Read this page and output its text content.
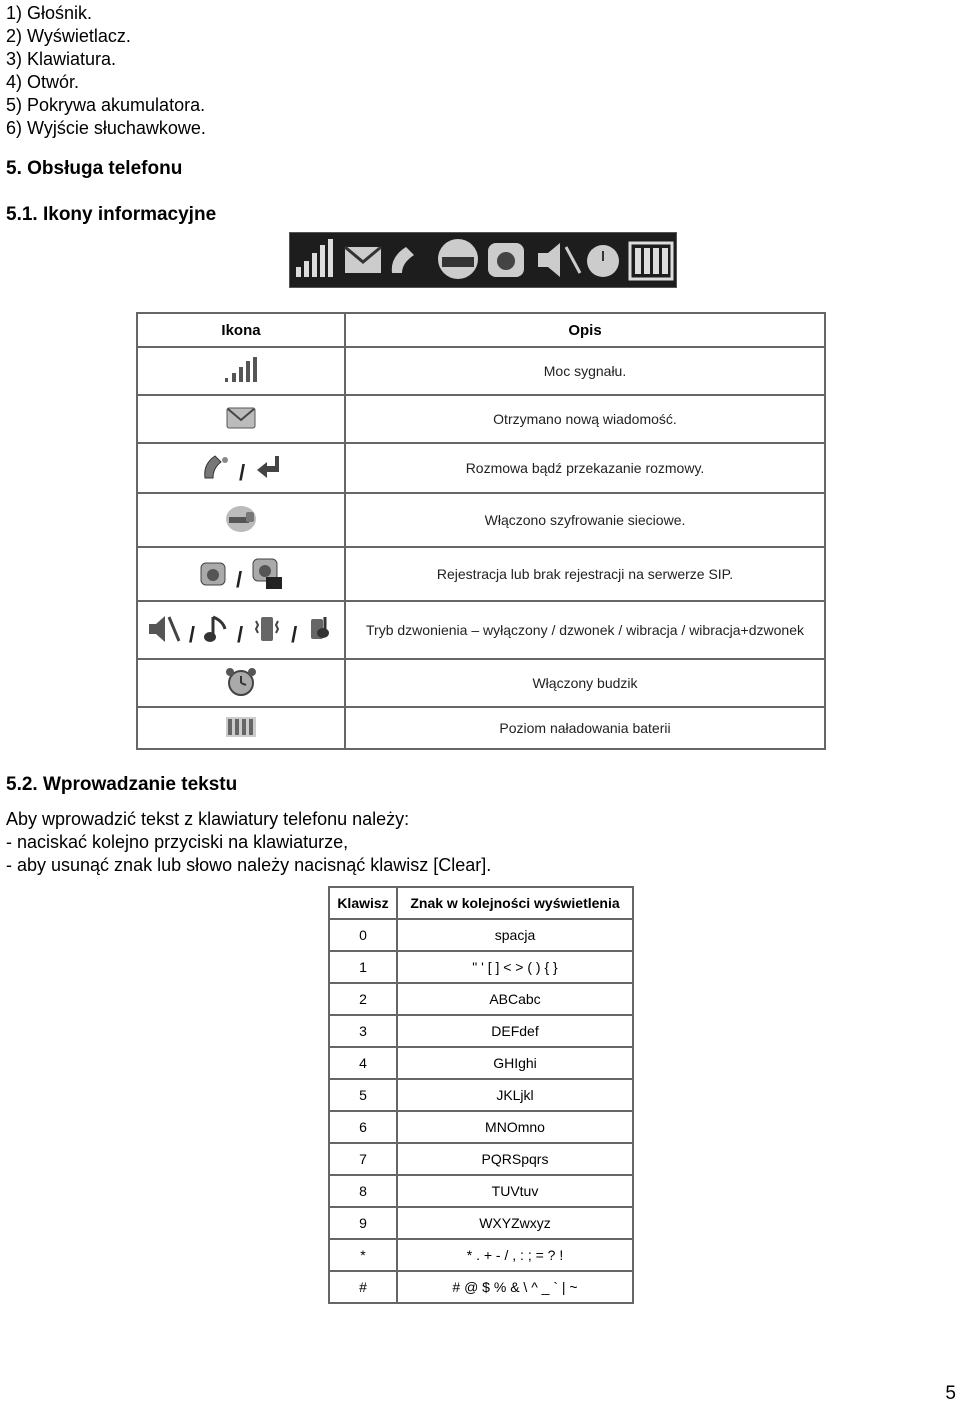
1) Głośnik.
2) Wyświetlacz.
3) Klawiatura.
4) Otwór.
5) Pokrywa akumulatora.
6) Wyjście słuchawkowe.
5. Obsługa telefonu
5.1. Ikony informacyjne
Ikona	Opis
	Moc sygnału.
	Otrzymano nową wiadomość.

/	Rozmowa bądź przekazanie rozmowy.
	Włączono szyfrowanie sieciowe.

/	Rejestracja lub brak rejestracji na serwerze SIP.

/ / /	Tryb dzwonienia – wyłączony / dzwonek / wibracja / wibracja+dzwonek
	Włączony budzik
	Poziom naładowania baterii
5.2. Wprowadzanie tekstu
Aby wprowadzić tekst z klawiatury telefonu należy:
- naciskać kolejno przyciski na klawiaturze,
- aby usunąć znak lub słowo należy nacisnąć klawisz [Clear].
Klawisz	Znak w kolejności wyświetlenia
0	spacja
1	" ' [ ] < > ( ) { }
2	ABCabc
3	DEFdef
4	GHIghi
5	JKLjkl
6	MNOmno
7	PQRSpqrs
8	TUVtuv
9	WXYZwxyz
*	* . + - / , : ; = ? !
#	# @ $ % & \ ^ _ ` | ~
5
